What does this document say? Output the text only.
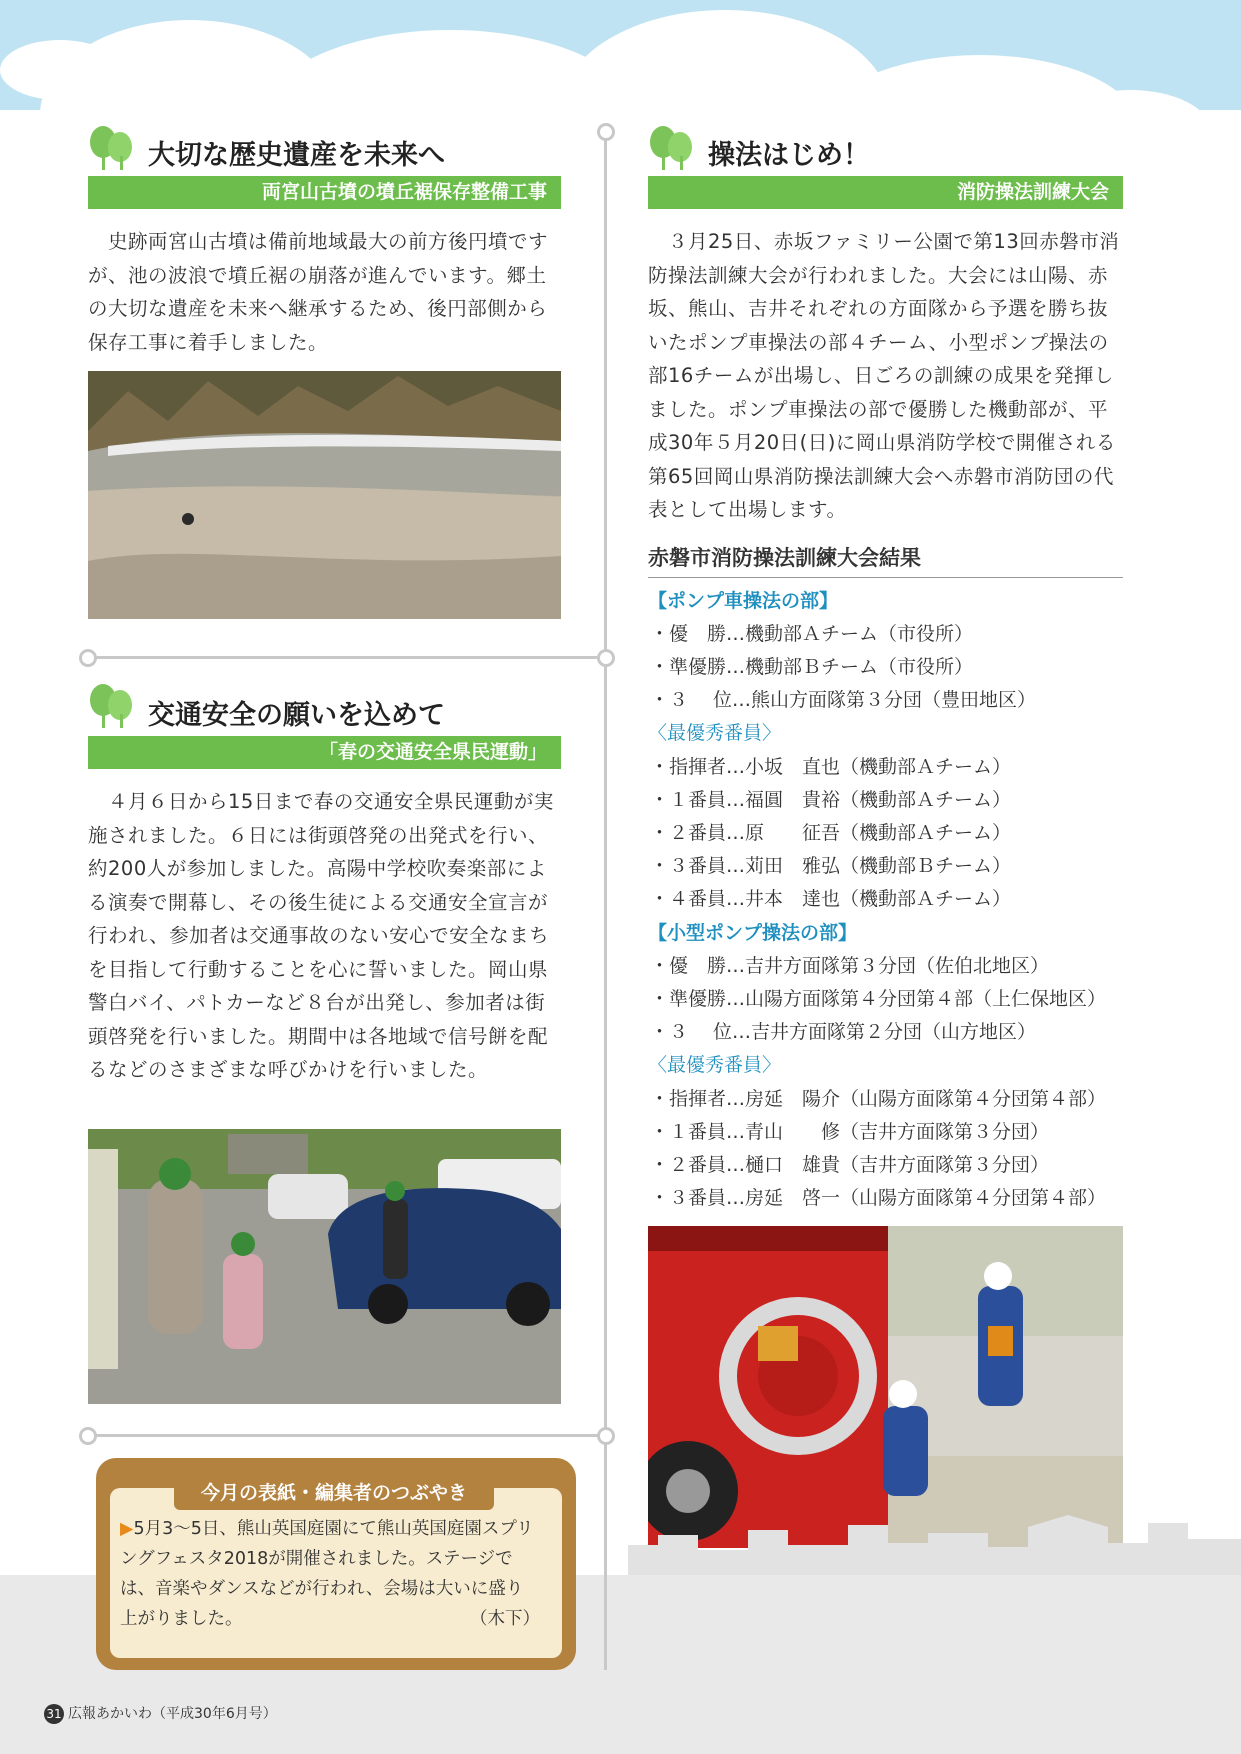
大切な歴史遺産を未来へ
両宮山古墳の墳丘裾保存整備工事
　史跡両宮山古墳は備前地域最大の前方後円墳ですが、池の波浪で墳丘裾の崩落が進んでいます。郷土の大切な遺産を未来へ継承するため、後円部側から保存工事に着手しました。
交通安全の願いを込めて
「春の交通安全県民運動」
　４月６日から15日まで春の交通安全県民運動が実施されました。６日には街頭啓発の出発式を行い、約200人が参加しました。高陽中学校吹奏楽部による演奏で開幕し、その後生徒による交通安全宣言が行われ、参加者は交通事故のない安心で安全なまちを目指して行動することを心に誓いました。岡山県警白バイ、パトカーなど８台が出発し、参加者は街頭啓発を行いました。期間中は各地域で信号餅を配るなどのさまざまな呼びかけを行いました。
今月の表紙・編集者のつぶやき
▶5月3〜5日、熊山英国庭園にて熊山英国庭園スプリングフェスタ2018が開催されました。ステージでは、音楽やダンスなどが行われ、会場は大いに盛り上がりました。	（木下）
操法はじめ！
消防操法訓練大会
　３月25日、赤坂ファミリー公園で第13回赤磐市消防操法訓練大会が行われました。大会には山陽、赤坂、熊山、吉井それぞれの方面隊から予選を勝ち抜いたポンプ車操法の部４チーム、小型ポンプ操法の部16チームが出場し、日ごろの訓練の成果を発揮しました。ポンプ車操法の部で優勝した機動部が、平成30年５月20日(日)に岡山県消防学校で開催される第65回岡山県消防操法訓練大会へ赤磐市消防団の代表として出場します。
赤磐市消防操法訓練大会結果
【ポンプ車操法の部】
・優　勝…機動部Ａチーム（市役所）
・準優勝…機動部Ｂチーム（市役所）
・３　 位…熊山方面隊第３分団（豊田地区）
〈最優秀番員〉
・指揮者…小坂　直也（機動部Ａチーム）
・１番員…福圓　貴裕（機動部Ａチーム）
・２番員…原　　征吾（機動部Ａチーム）
・３番員…苅田　雅弘（機動部Ｂチーム）
・４番員…井本　達也（機動部Ａチーム）
【小型ポンプ操法の部】
・優　勝…吉井方面隊第３分団（佐伯北地区）
・準優勝…山陽方面隊第４分団第４部（上仁保地区）
・３　 位…吉井方面隊第２分団（山方地区）
〈最優秀番員〉
・指揮者…房延　陽介（山陽方面隊第４分団第４部）
・１番員…青山　　修（吉井方面隊第３分団）
・２番員…樋口　雄貴（吉井方面隊第３分団）
・３番員…房延　啓一（山陽方面隊第４分団第４部）
31 広報あかいわ（平成30年6月号）
